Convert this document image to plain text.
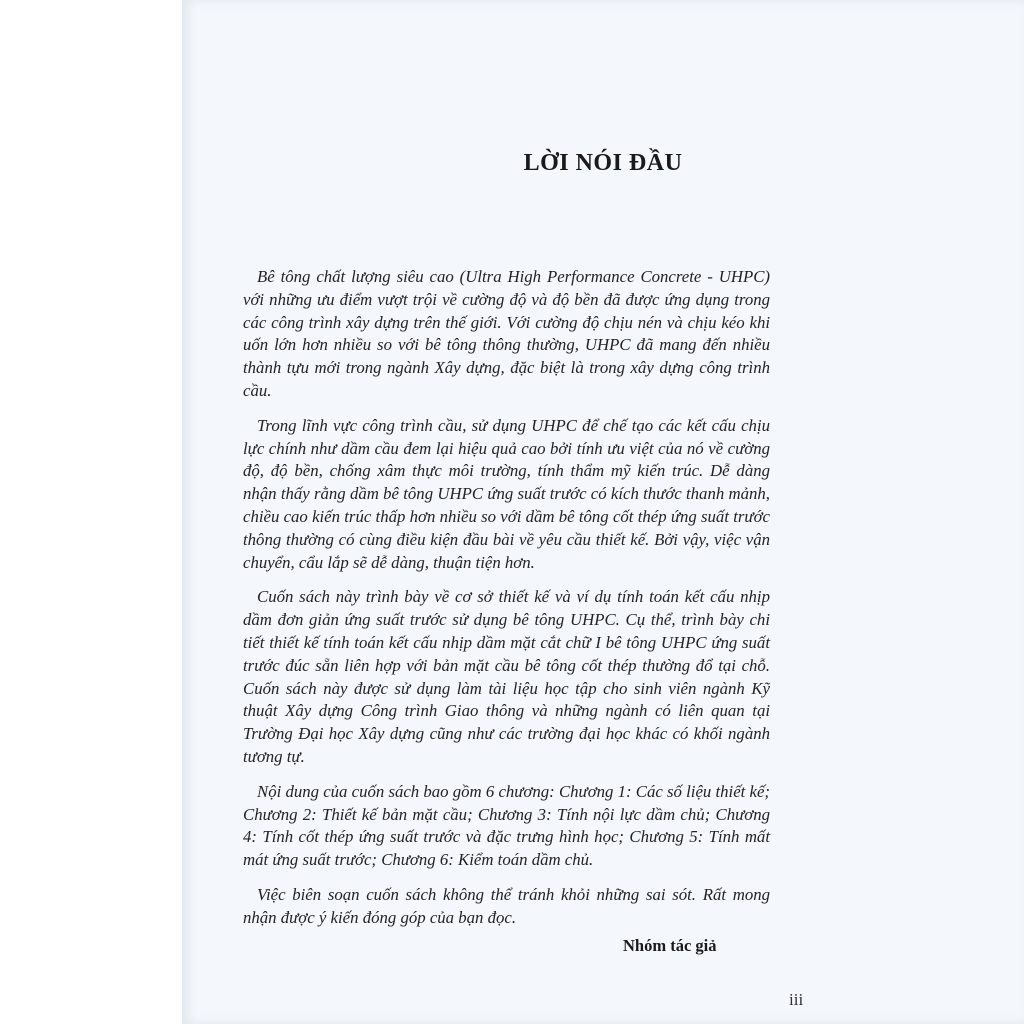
LỜI NÓI ĐẦU

Bê tông chất lượng siêu cao (Ultra High Performance Concrete - UHPC) với những ưu điểm vượt trội về cường độ và độ bền đã được ứng dụng trong các công trình xây dựng trên thế giới. Với cường độ chịu nén và chịu kéo khi uốn lớn hơn nhiều so với bê tông thông thường, UHPC đã mang đến nhiều thành tựu mới trong ngành Xây dựng, đặc biệt là trong xây dựng công trình cầu.

Trong lĩnh vực công trình cầu, sử dụng UHPC để chế tạo các kết cấu chịu lực chính như dầm cầu đem lại hiệu quả cao bởi tính ưu việt của nó về cường độ, độ bền, chống xâm thực môi trường, tính thẩm mỹ kiến trúc. Dễ dàng nhận thấy rằng dầm bê tông UHPC ứng suất trước có kích thước thanh mảnh, chiều cao kiến trúc thấp hơn nhiều so với dầm bê tông cốt thép ứng suất trước thông thường có cùng điều kiện đầu bài về yêu cầu thiết kế. Bởi vậy, việc vận chuyển, cẩu lắp sẽ dễ dàng, thuận tiện hơn.

Cuốn sách này trình bày về cơ sở thiết kế và ví dụ tính toán kết cấu nhịp dầm đơn giản ứng suất trước sử dụng bê tông UHPC. Cụ thể, trình bày chi tiết thiết kế tính toán kết cấu nhịp dầm mặt cắt chữ I bê tông UHPC ứng suất trước đúc sẵn liên hợp với bản mặt cầu bê tông cốt thép thường đổ tại chỗ. Cuốn sách này được sử dụng làm tài liệu học tập cho sinh viên ngành Kỹ thuật Xây dựng Công trình Giao thông và những ngành có liên quan tại Trường Đại học Xây dựng cũng như các trường đại học khác có khối ngành tương tự.

Nội dung của cuốn sách bao gồm 6 chương: Chương 1: Các số liệu thiết kế; Chương 2: Thiết kế bản mặt cầu; Chương 3: Tính nội lực dầm chủ; Chương 4: Tính cốt thép ứng suất trước và đặc trưng hình học; Chương 5: Tính mất mát ứng suất trước; Chương 6: Kiểm toán dầm chủ.

Việc biên soạn cuốn sách không thể tránh khỏi những sai sót. Rất mong nhận được ý kiến đóng góp của bạn đọc.

Nhóm tác giả
iii
